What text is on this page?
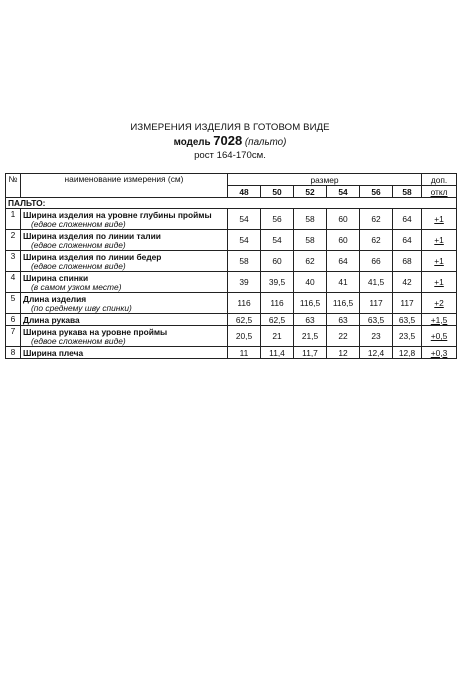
ИЗМЕРЕНИЯ ИЗДЕЛИЯ В ГОТОВОМ ВИДЕ
модель 7028 (пальто)
рост 164-170см.
№	наименование измерения (см)	размер						доп.
		48	50	52	54	56	58	откл
ПАЛЬТО:								
1	Ширина изделия на уровне глубины проймы
(едвое сложенном виде)	54	56	58	60	62	64	+1
2	Ширина изделия по линии талии
(едвое сложенном виде)	54	54	58	60	62	64	+1
3	Ширина изделия по линии бедер
(едвое сложенном виде)	58	60	62	64	66	68	+1
4	Ширина спинки
(в самом узком месте)	39	39,5	40	41	41,5	42	+1
5	Длина изделия
(по среднему шву спинки)	116	116	116,5	116,5	117	117	+2
6	Длина рукава	62,5	62,5	63	63	63,5	63,5	+1,5
7	Ширина рукава на уровне проймы
(едвое сложенном виде)	20,5	21	21,5	22	23	23,5	+0,5
8	Ширина плеча	11	11,4	11,7	12	12,4	12,8	+0,3
